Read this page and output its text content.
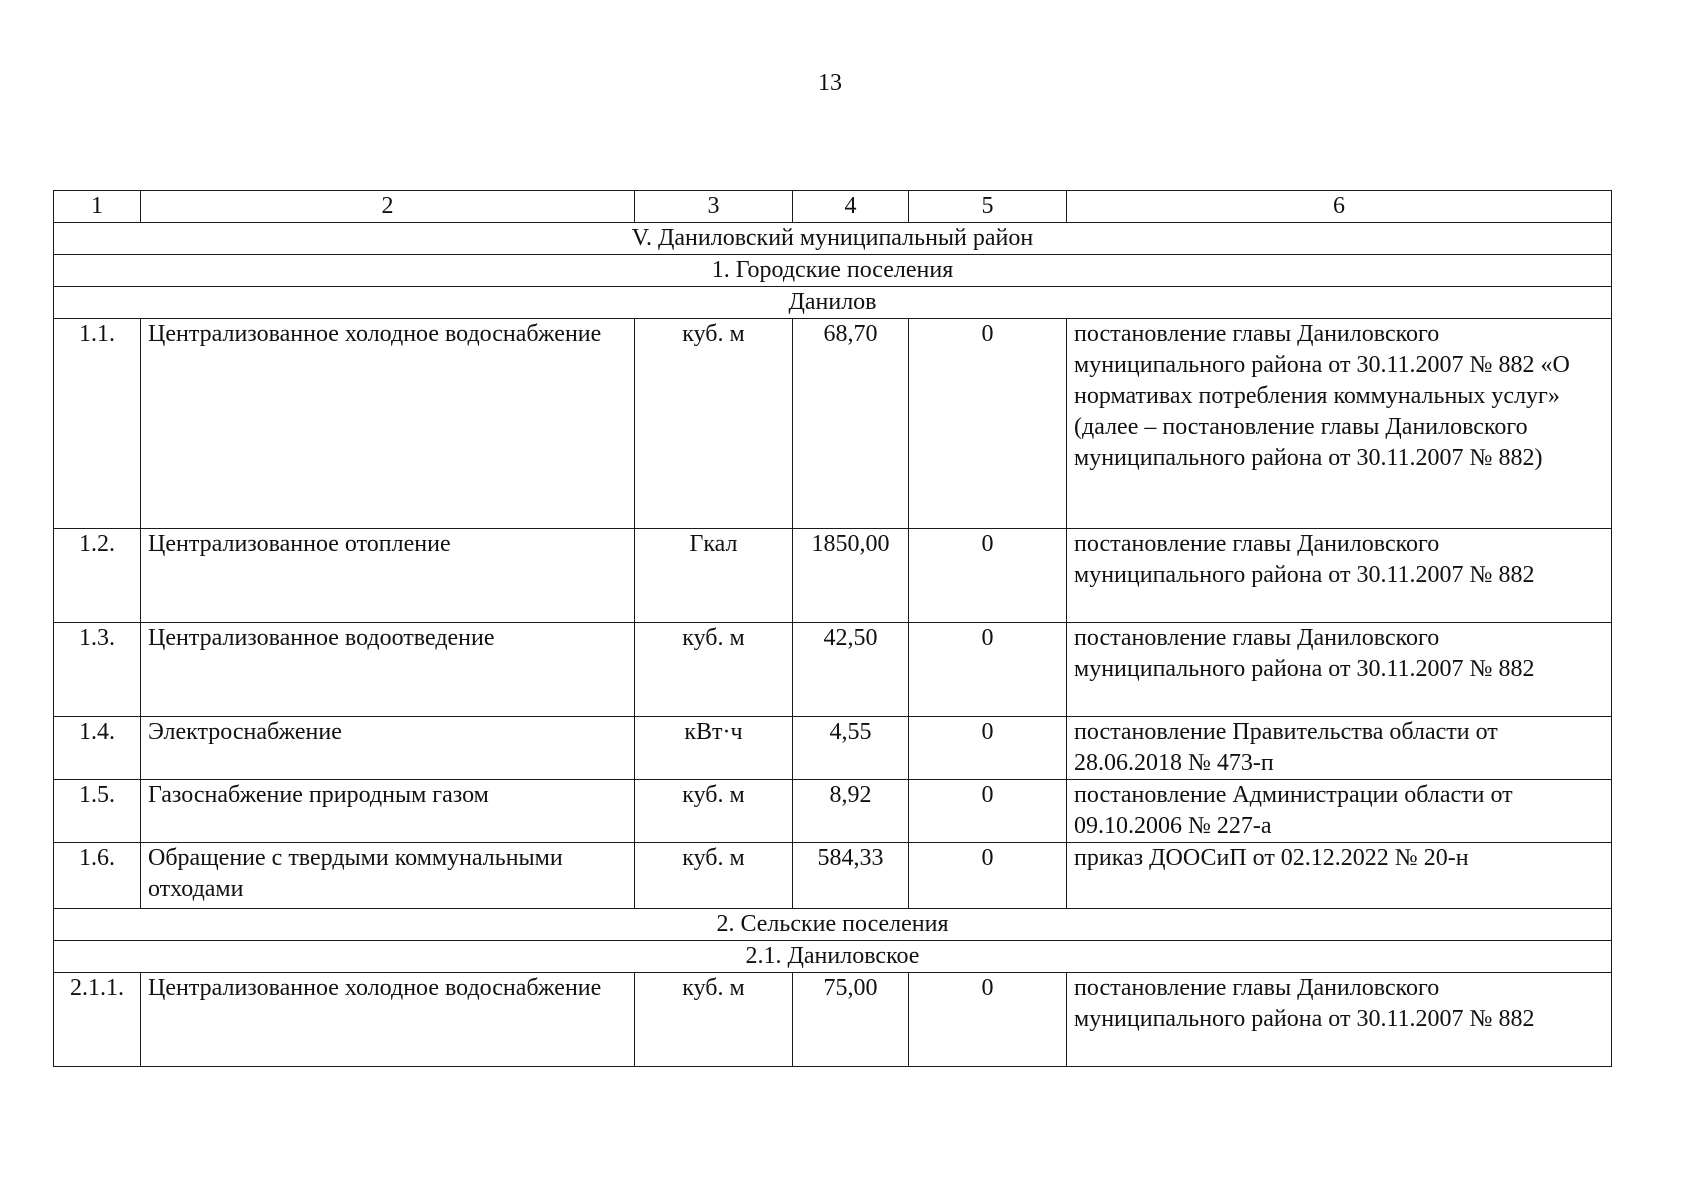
13
1	2	3	4	5	6
V. Даниловский муниципальный район					
1. Городские поселения					
Данилов					
1.1.	Централизованное холодное водоснабжение	куб. м	68,70	0	постановление главы Даниловского муниципального района от 30.11.2007 № 882 «О нормативах потребления коммунальных услуг» (далее – постановление главы Даниловского муниципального района от 30.11.2007 № 882)
1.2.	Централизованное отопление	Гкал	1850,00	0	постановление главы Даниловского муниципального района от 30.11.2007 № 882
1.3.	Централизованное водоотведение	куб. м	42,50	0	постановление главы Даниловского муниципального района от 30.11.2007 № 882
1.4.	Электроснабжение	кВт·ч	4,55	0	постановление Правительства области от 28.06.2018 № 473-п
1.5.	Газоснабжение природным газом	куб. м	8,92	0	постановление Администрации области от 09.10.2006 № 227-а
1.6.	Обращение с твердыми коммунальными отходами	куб. м	584,33	0	приказ ДООСиП от 02.12.2022 № 20-н
2. Сельские поселения					
2.1. Даниловское					
2.1.1.	Централизованное холодное водоснабжение	куб. м	75,00	0	постановление главы Даниловского муниципального района от 30.11.2007 № 882
